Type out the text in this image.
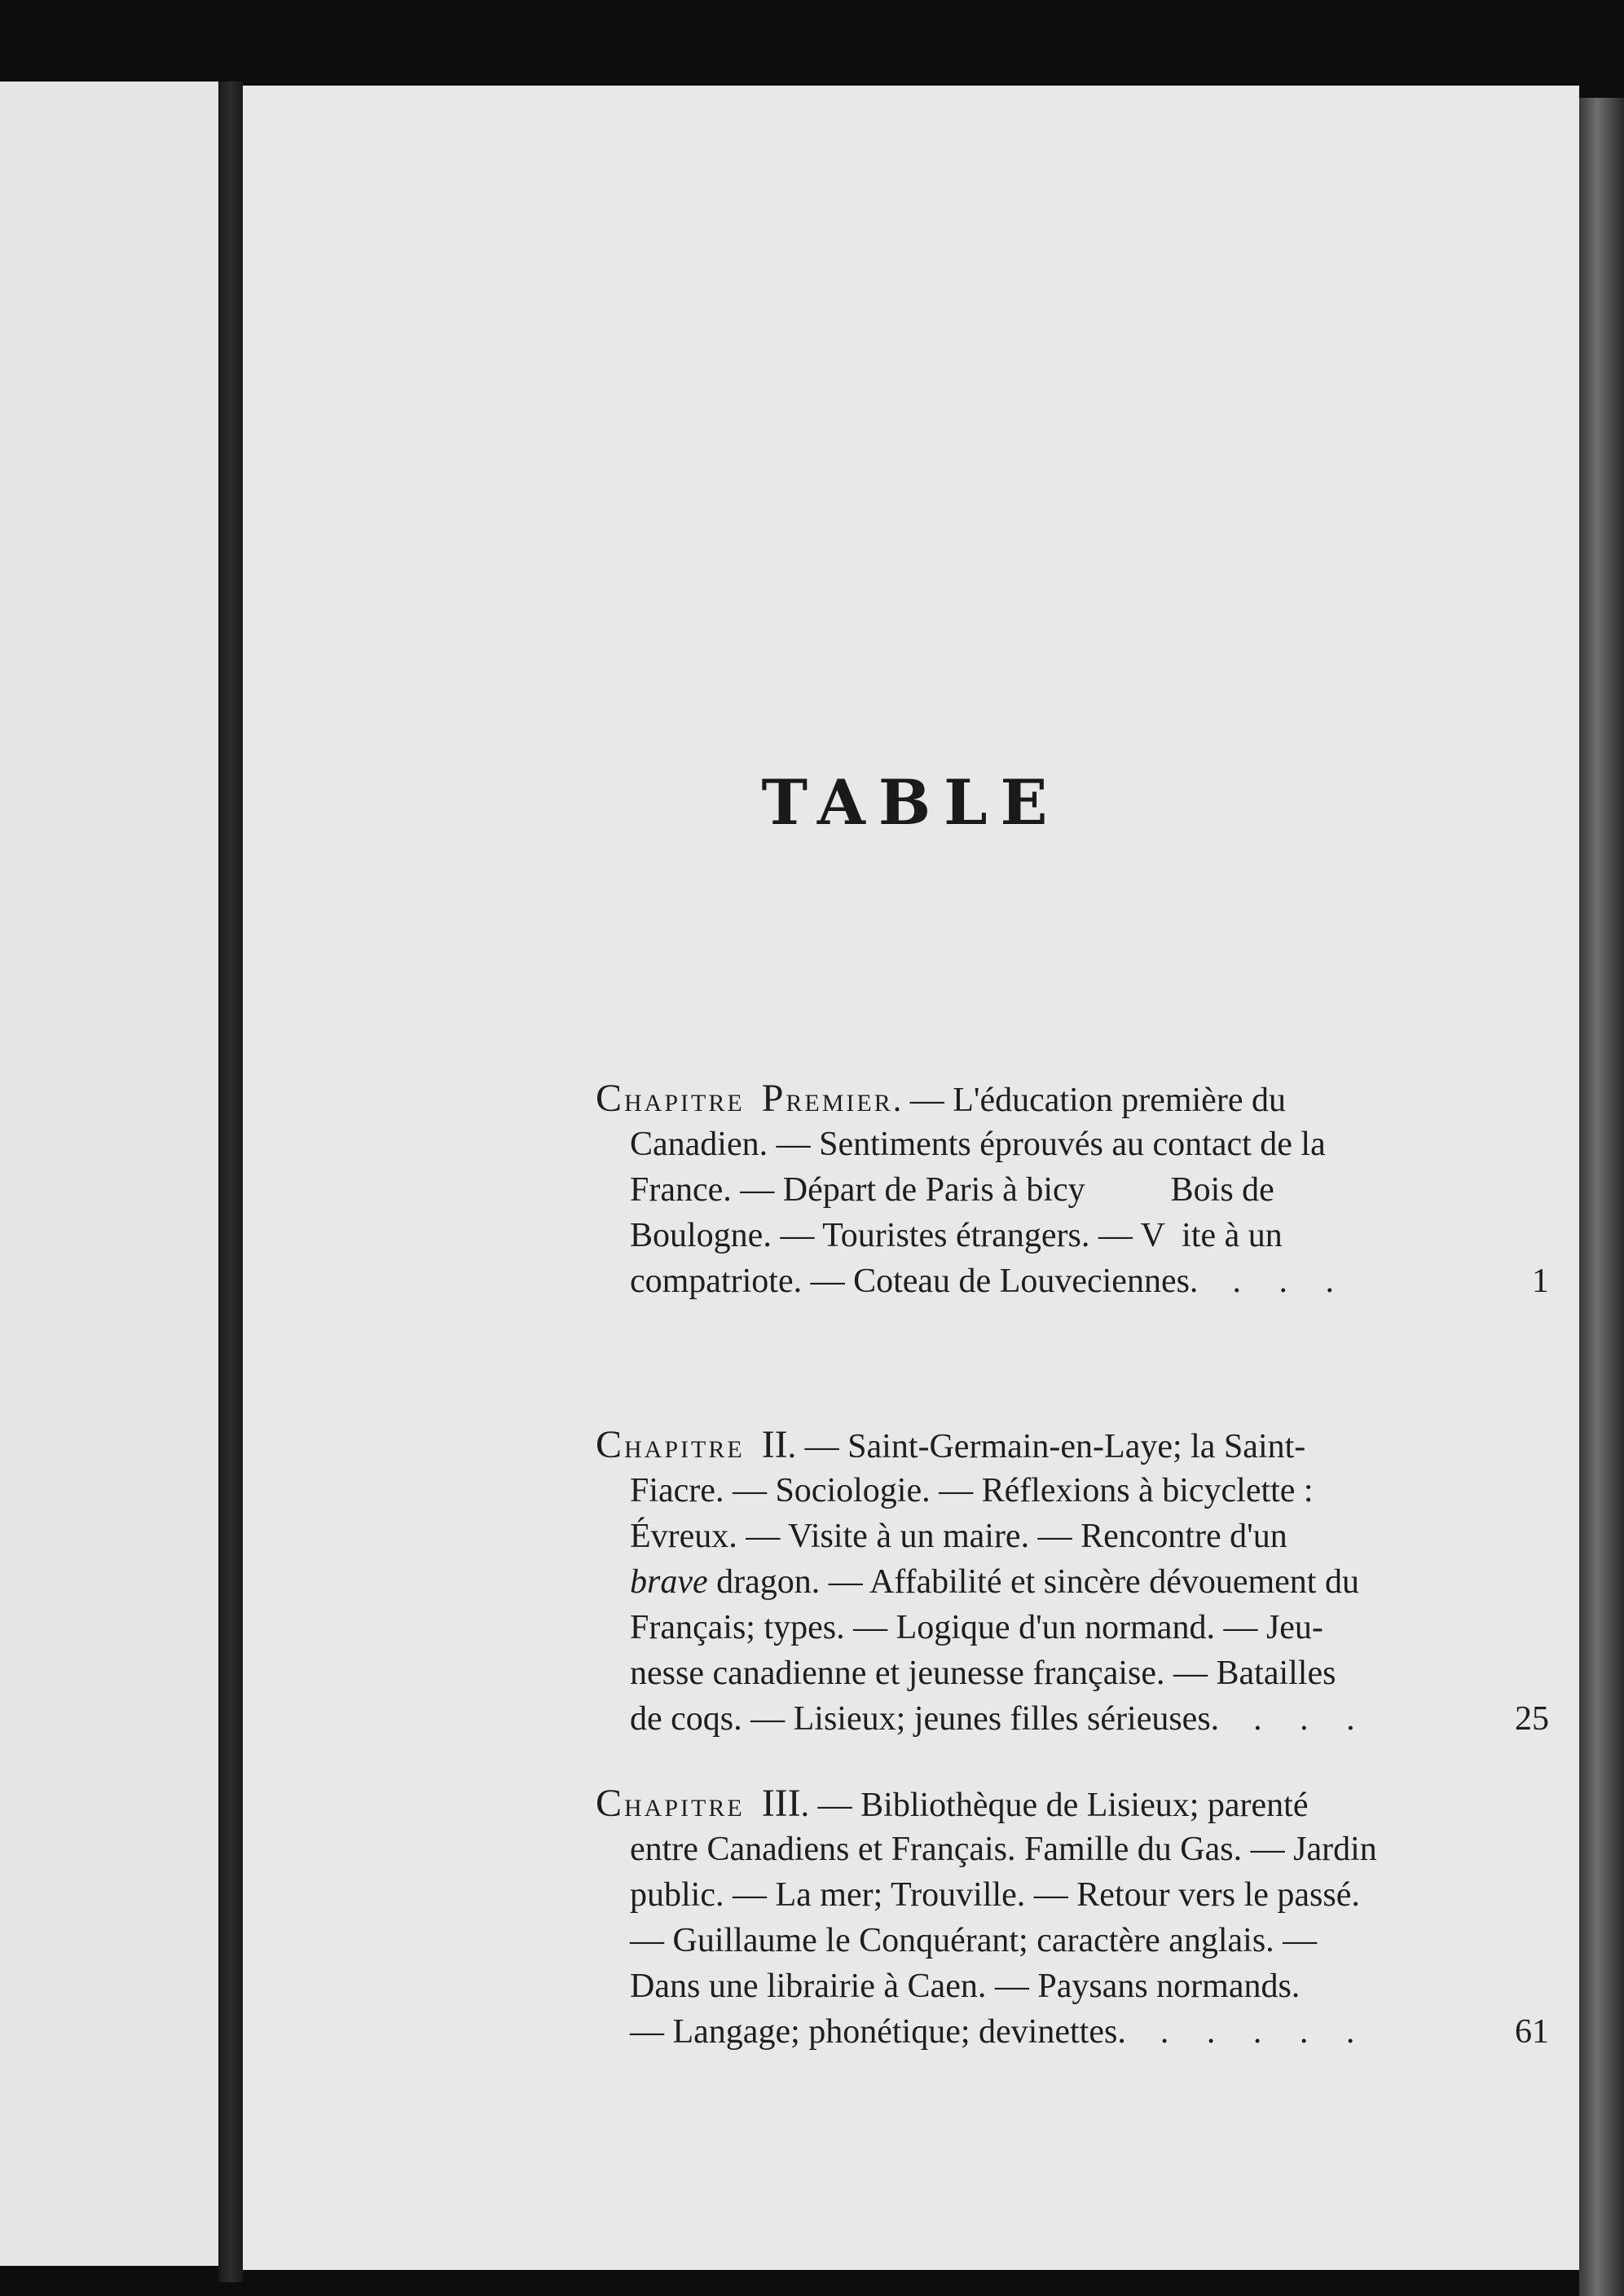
TABLE
CHAPITRE PREMIER. — L'éducation première du
Canadien. — Sentiments éprouvés au contact de la
France. — Départ de Paris à bicy          Bois de
Boulogne. — Touristes étrangers. — V  ite à un
compatriote. — Coteau de Louveciennes. . . .	1
CHAPITRE II. — Saint-Germain-en-Laye; la Saint-
Fiacre. — Sociologie. — Réflexions à bicyclette :
Évreux. — Visite à un maire. — Rencontre d'un
brave dragon. — Affabilité et sincère dévouement du
Français; types. — Logique d'un normand. — Jeu-
nesse canadienne et jeunesse française. — Batailles
de coqs. — Lisieux; jeunes filles sérieuses. . . .	25
CHAPITRE III. — Bibliothèque de Lisieux; parenté
entre Canadiens et Français. Famille du Gas. — Jardin
public. — La mer; Trouville. — Retour vers le passé.
— Guillaume le Conquérant; caractère anglais. —
Dans une librairie à Caen. — Paysans normands.
— Langage; phonétique; devinettes. . . . . .	61
